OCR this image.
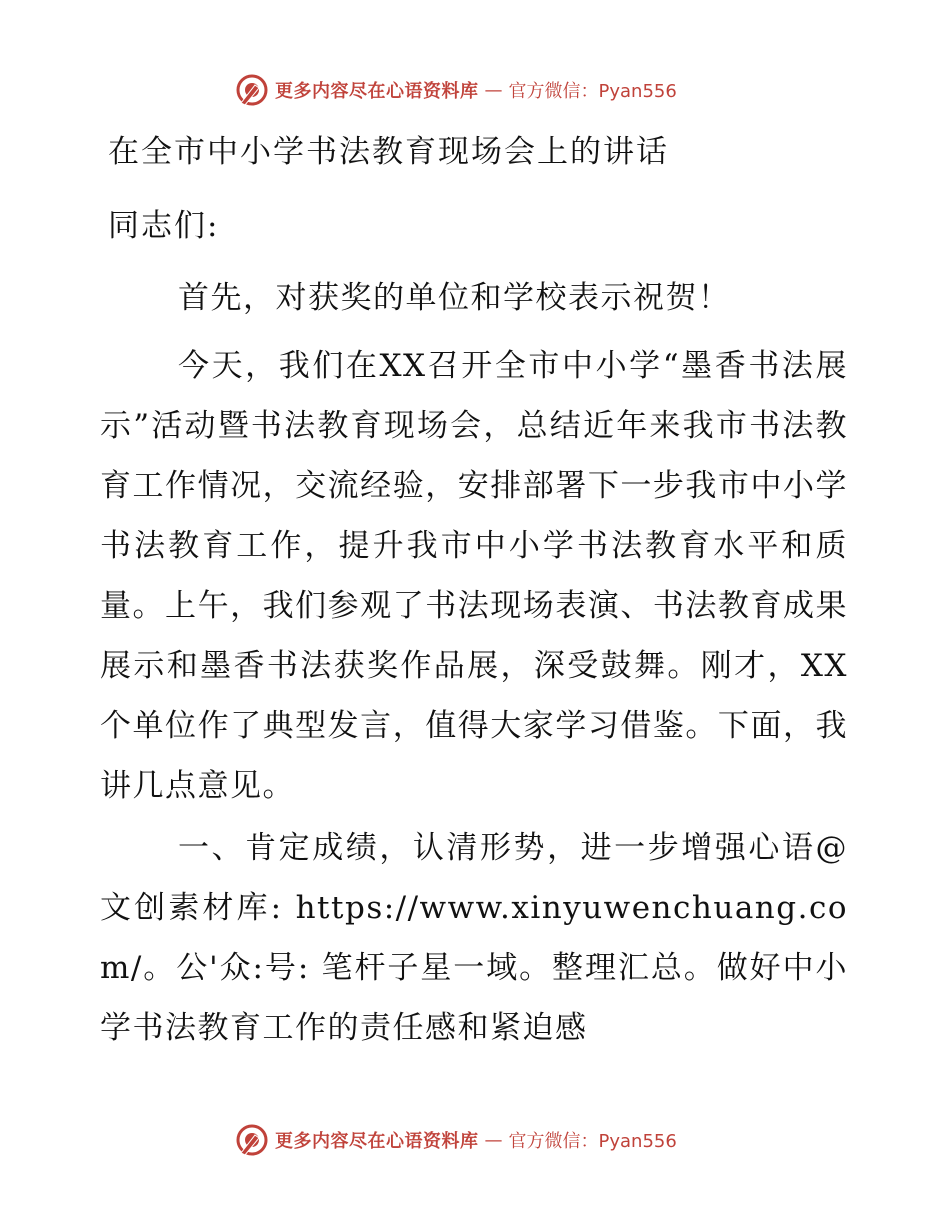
更多内容尽在心语资料库 — 官方微信：Pyan556
在全市中小学书法教育现场会上的讲话
同志们:

首先，对获奖的单位和学校表示祝贺！

今天，我们在XX召开全市中小学“墨香书法展示”活动暨书法教育现场会，总结近年来我市书法教育工作情况，交流经验，安排部署下一步我市中小学书法教育工作，提升我市中小学书法教育水平和质量。上午，我们参观了书法现场表演、书法教育成果展示和墨香书法获奖作品展，深受鼓舞。刚才，XX个单位作了典型发言，值得大家学习借鉴。下面，我讲几点意见。

一、肯定成绩，认清形势，进一步增强心语@文创素材库: https://www.xinyuwenchuang.com/。公'众:号: 笔杆子星一域。整理汇总。做好中小学书法教育工作的责任感和紧迫感

更多内容尽在心语资料库 — 官方微信：Pyan556
